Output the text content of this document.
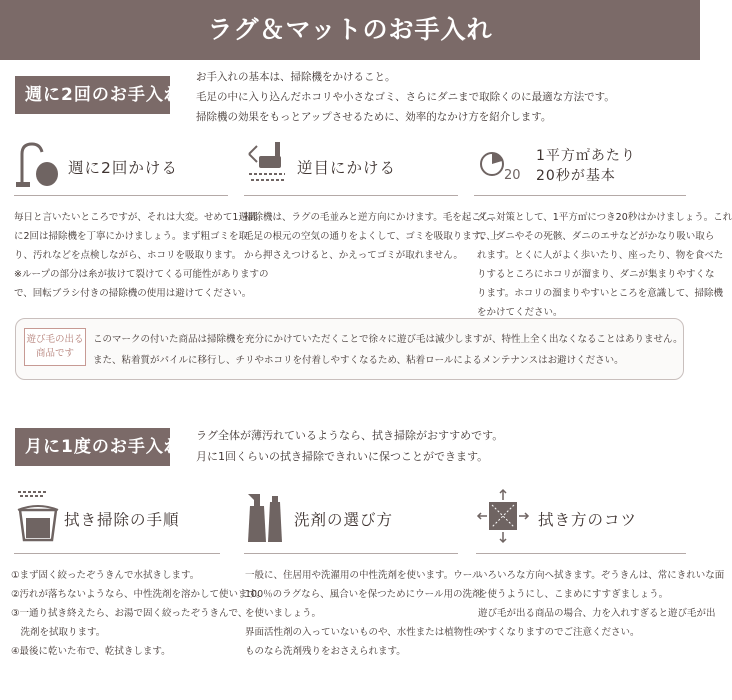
ラグ＆マットのお手入れ
週に2回のお手入れ

お手入れの基本は、掃除機をかけること。

毛足の中に入り込んだホコリや小さなゴミ、さらにダニまで取除くのに最適な方法です。

掃除機の効果をもっとアップさせるために、効率的なかけ方を紹介します。

週に2回かける

毎日と言いたいところですが、それは大変。せめて1週間

に2回は掃除機を丁寧にかけましょう。まず粗ゴミを取

り、汚れなどを点検しながら、ホコリを吸取ります。

※ループの部分は糸が抜けて裂けてくる可能性がありますの

で、回転ブラシ付きの掃除機の使用は避けてください。

逆目にかける

掃除機は、ラグの毛並みと逆方向にかけます。毛を起こし、

毛足の根元の空気の通りをよくして、ゴミを吸取ります。上

から押さえつけると、かえってゴミが取れません。

20
1平方㎡あたり
20秒が基本

ダニ対策として、1平方㎡につき20秒はかけましょう。これ

で、ダニやその死骸、ダニのエサなどがかなり吸い取ら

れます。とくに人がよく歩いたり、座ったり、物を食べた

りするところにホコリが溜まり、ダニが集まりやすくな

ります。ホコリの溜まりやすいところを意識して、掃除機

をかけてください。

遊び毛の出る
商品です

このマークの付いた商品は掃除機を充分にかけていただくことで徐々に遊び毛は減少しますが、特性上全く出なくなることはありません。

また、粘着質がパイルに移行し、チリやホコリを付着しやすくなるため、粘着ロールによるメンテナンスはお避けください。

月に1度のお手入れ

ラグ全体が薄汚れているようなら、拭き掃除がおすすめです。

月に1回くらいの拭き掃除できれいに保つことができます。

拭き掃除の手順

①まず固く絞ったぞうきんで水拭きします。

②汚れが落ちないようなら、中性洗剤を溶かして使います。

③一通り拭き終えたら、お湯で固く絞ったぞうきんで、

　洗剤を拭取ります。

④最後に乾いた布で、乾拭きします。

洗剤の選び方

一般に、住居用や洗濯用の中性洗剤を使います。ウール

100％のラグなら、風合いを保つためにウール用の洗剤

を使いましょう。

界面活性剤の入っていないものや、水性または植物性の

ものなら洗剤残りをおさえられます。

拭き方のコツ

いろいろな方向へ拭きます。ぞうきんは、常にきれいな面

を使うようにし、こまめにすすぎましょう。

遊び毛が出る商品の場合、力を入れすぎると遊び毛が出

やすくなりますのでご注意ください。
